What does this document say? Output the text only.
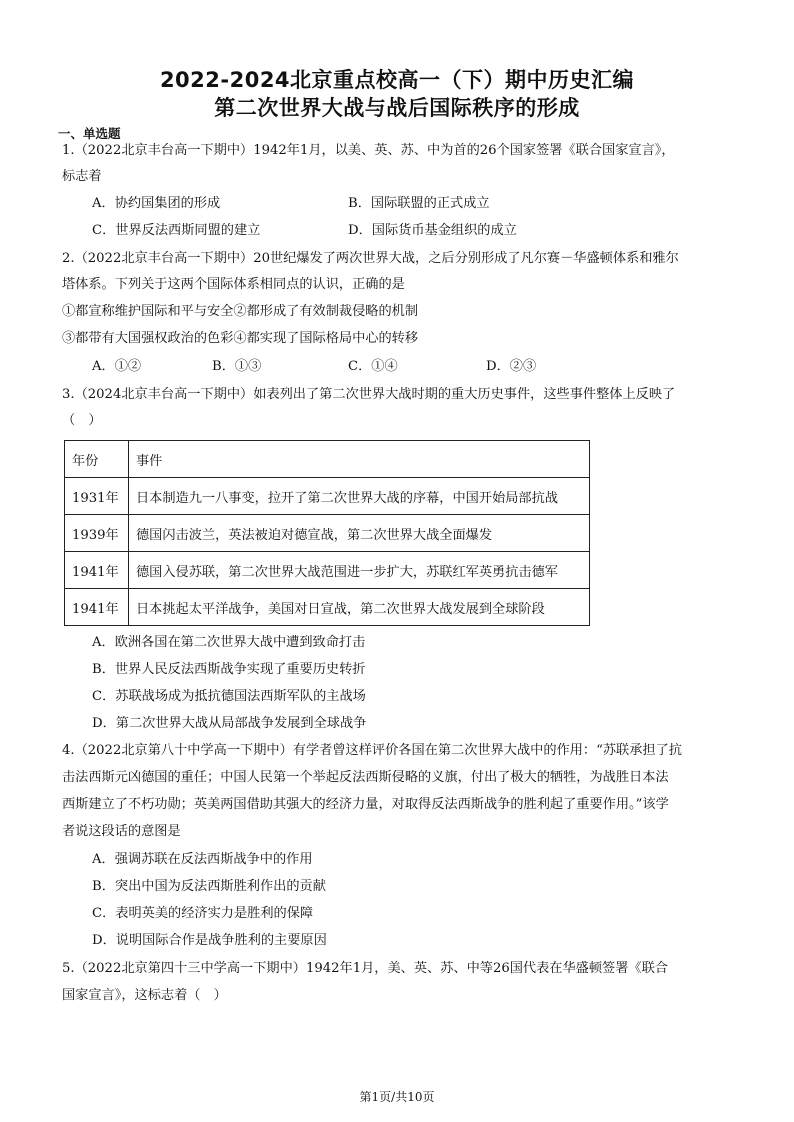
2022-2024北京重点校高一（下）期中历史汇编
第二次世界大战与战后国际秩序的形成
一、单选题
1.（2022北京丰台高一下期中）1942年1月，以美、英、苏、中为首的26个国家签署《联合国家宣言》，
标志着
A．协约国集团的形成	B．国际联盟的正式成立
C．世界反法西斯同盟的建立	D．国际货币基金组织的成立
2.（2022北京丰台高一下期中）20世纪爆发了两次世界大战，之后分别形成了凡尔赛－华盛顿体系和雅尔
塔体系。下列关于这两个国际体系相同点的认识，正确的是
①都宣称维护国际和平与安全②都形成了有效制裁侵略的机制
③都带有大国强权政治的色彩④都实现了国际格局中心的转移
A．①②	B．①③	C．①④	D．②③
3.（2024北京丰台高一下期中）如表列出了第二次世界大战时期的重大历史事件，这些事件整体上反映了
（　）
年份	事件
1931年	日本制造九一八事变，拉开了第二次世界大战的序幕，中国开始局部抗战
1939年	德国闪击波兰，英法被迫对德宣战，第二次世界大战全面爆发
1941年	德国入侵苏联，第二次世界大战范围进一步扩大，苏联红军英勇抗击德军
1941年	日本挑起太平洋战争，美国对日宣战，第二次世界大战发展到全球阶段
A．欧洲各国在第二次世界大战中遭到致命打击
B．世界人民反法西斯战争实现了重要历史转折
C．苏联战场成为抵抗德国法西斯军队的主战场
D．第二次世界大战从局部战争发展到全球战争
4.（2022北京第八十中学高一下期中）有学者曾这样评价各国在第二次世界大战中的作用：“苏联承担了抗
击法西斯元凶德国的重任；中国人民第一个举起反法西斯侵略的义旗，付出了极大的牺牲，为战胜日本法
西斯建立了不朽功勋；英美两国借助其强大的经济力量，对取得反法西斯战争的胜利起了重要作用。”该学
者说这段话的意图是
A．强调苏联在反法西斯战争中的作用
B．突出中国为反法西斯胜利作出的贡献
C．表明英美的经济实力是胜利的保障
D．说明国际合作是战争胜利的主要原因
5.（2022北京第四十三中学高一下期中）1942年1月，美、英、苏、中等26国代表在华盛顿签署《联合
国家宣言》，这标志着（　）
第1页/共10页
